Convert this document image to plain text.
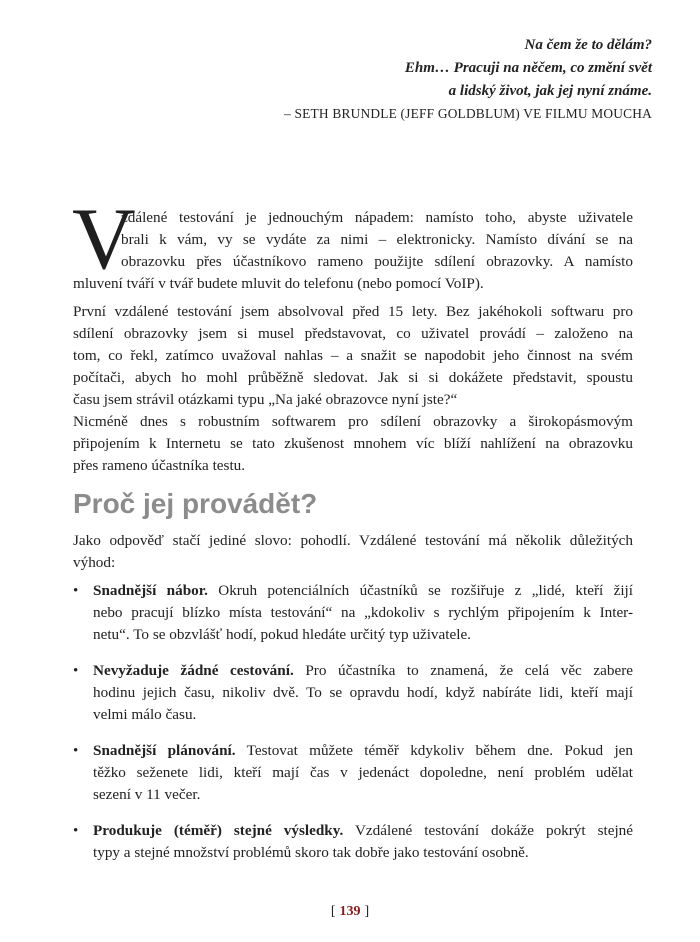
Na čem že to dělám?
Ehm… Pracuji na něčem, co změní svět
a lidský život, jak jej nyní známe.
– SETH BRUNDLE (JEFF GOLDBLUM) VE FILMU MOUCHA
V
zdálené testování je jednouchým nápadem: namísto toho, abyste uživatele
brali k vám, vy se vydáte za nimi – elektronicky. Namísto dívání se na
obrazovku přes účastníkovo rameno použijte sdílení obrazovky. A namísto
mluvení tváří v tvář budete mluvit do telefonu (nebo pomocí VoIP).
První vzdálené testování jsem absolvoval před 15 lety. Bez jakéhokoli softwaru pro
sdílení obrazovky jsem si musel představovat, co uživatel provádí – založeno na
tom, co řekl, zatímco uvažoval nahlas – a snažit se napodobit jeho činnost na svém
počítači, abych ho mohl průběžně sledovat. Jak si si dokážete představit, spoustu
času jsem strávil otázkami typu „Na jaké obrazovce nyní jste?“
Nicméně dnes s robustním softwarem pro sdílení obrazovky a širokopásmovým
připojením k Internetu se tato zkušenost mnohem víc blíží nahlížení na obrazovku
přes rameno účastníka testu.
Proč jej provádět?
Jako odpověď stačí jediné slovo: pohodlí. Vzdálené testování má několik důležitých
výhod:
• Snadnější nábor. Okruh potenciálních účastníků se rozšiřuje z „lidé, kteří žijí
nebo pracují blízko místa testování“ na „kdokoliv s rychlým připojením k Inter-
netu“. To se obzvlášť hodí, pokud hledáte určitý typ uživatele.
• Nevyžaduje žádné cestování. Pro účastníka to znamená, že celá věc zabere
hodinu jejich času, nikoliv dvě. To se opravdu hodí, když nabíráte lidi, kteří mají
velmi málo času.
• Snadnější plánování. Testovat můžete téměř kdykoliv během dne. Pokud jen
těžko seženete lidi, kteří mají čas v jedenáct dopoledne, není problém udělat
sezení v 11 večer.
• Produkuje (téměř) stejné výsledky. Vzdálené testování dokáže pokrýt stejné
typy a stejné množství problémů skoro tak dobře jako testování osobně.
[ 139 ]
